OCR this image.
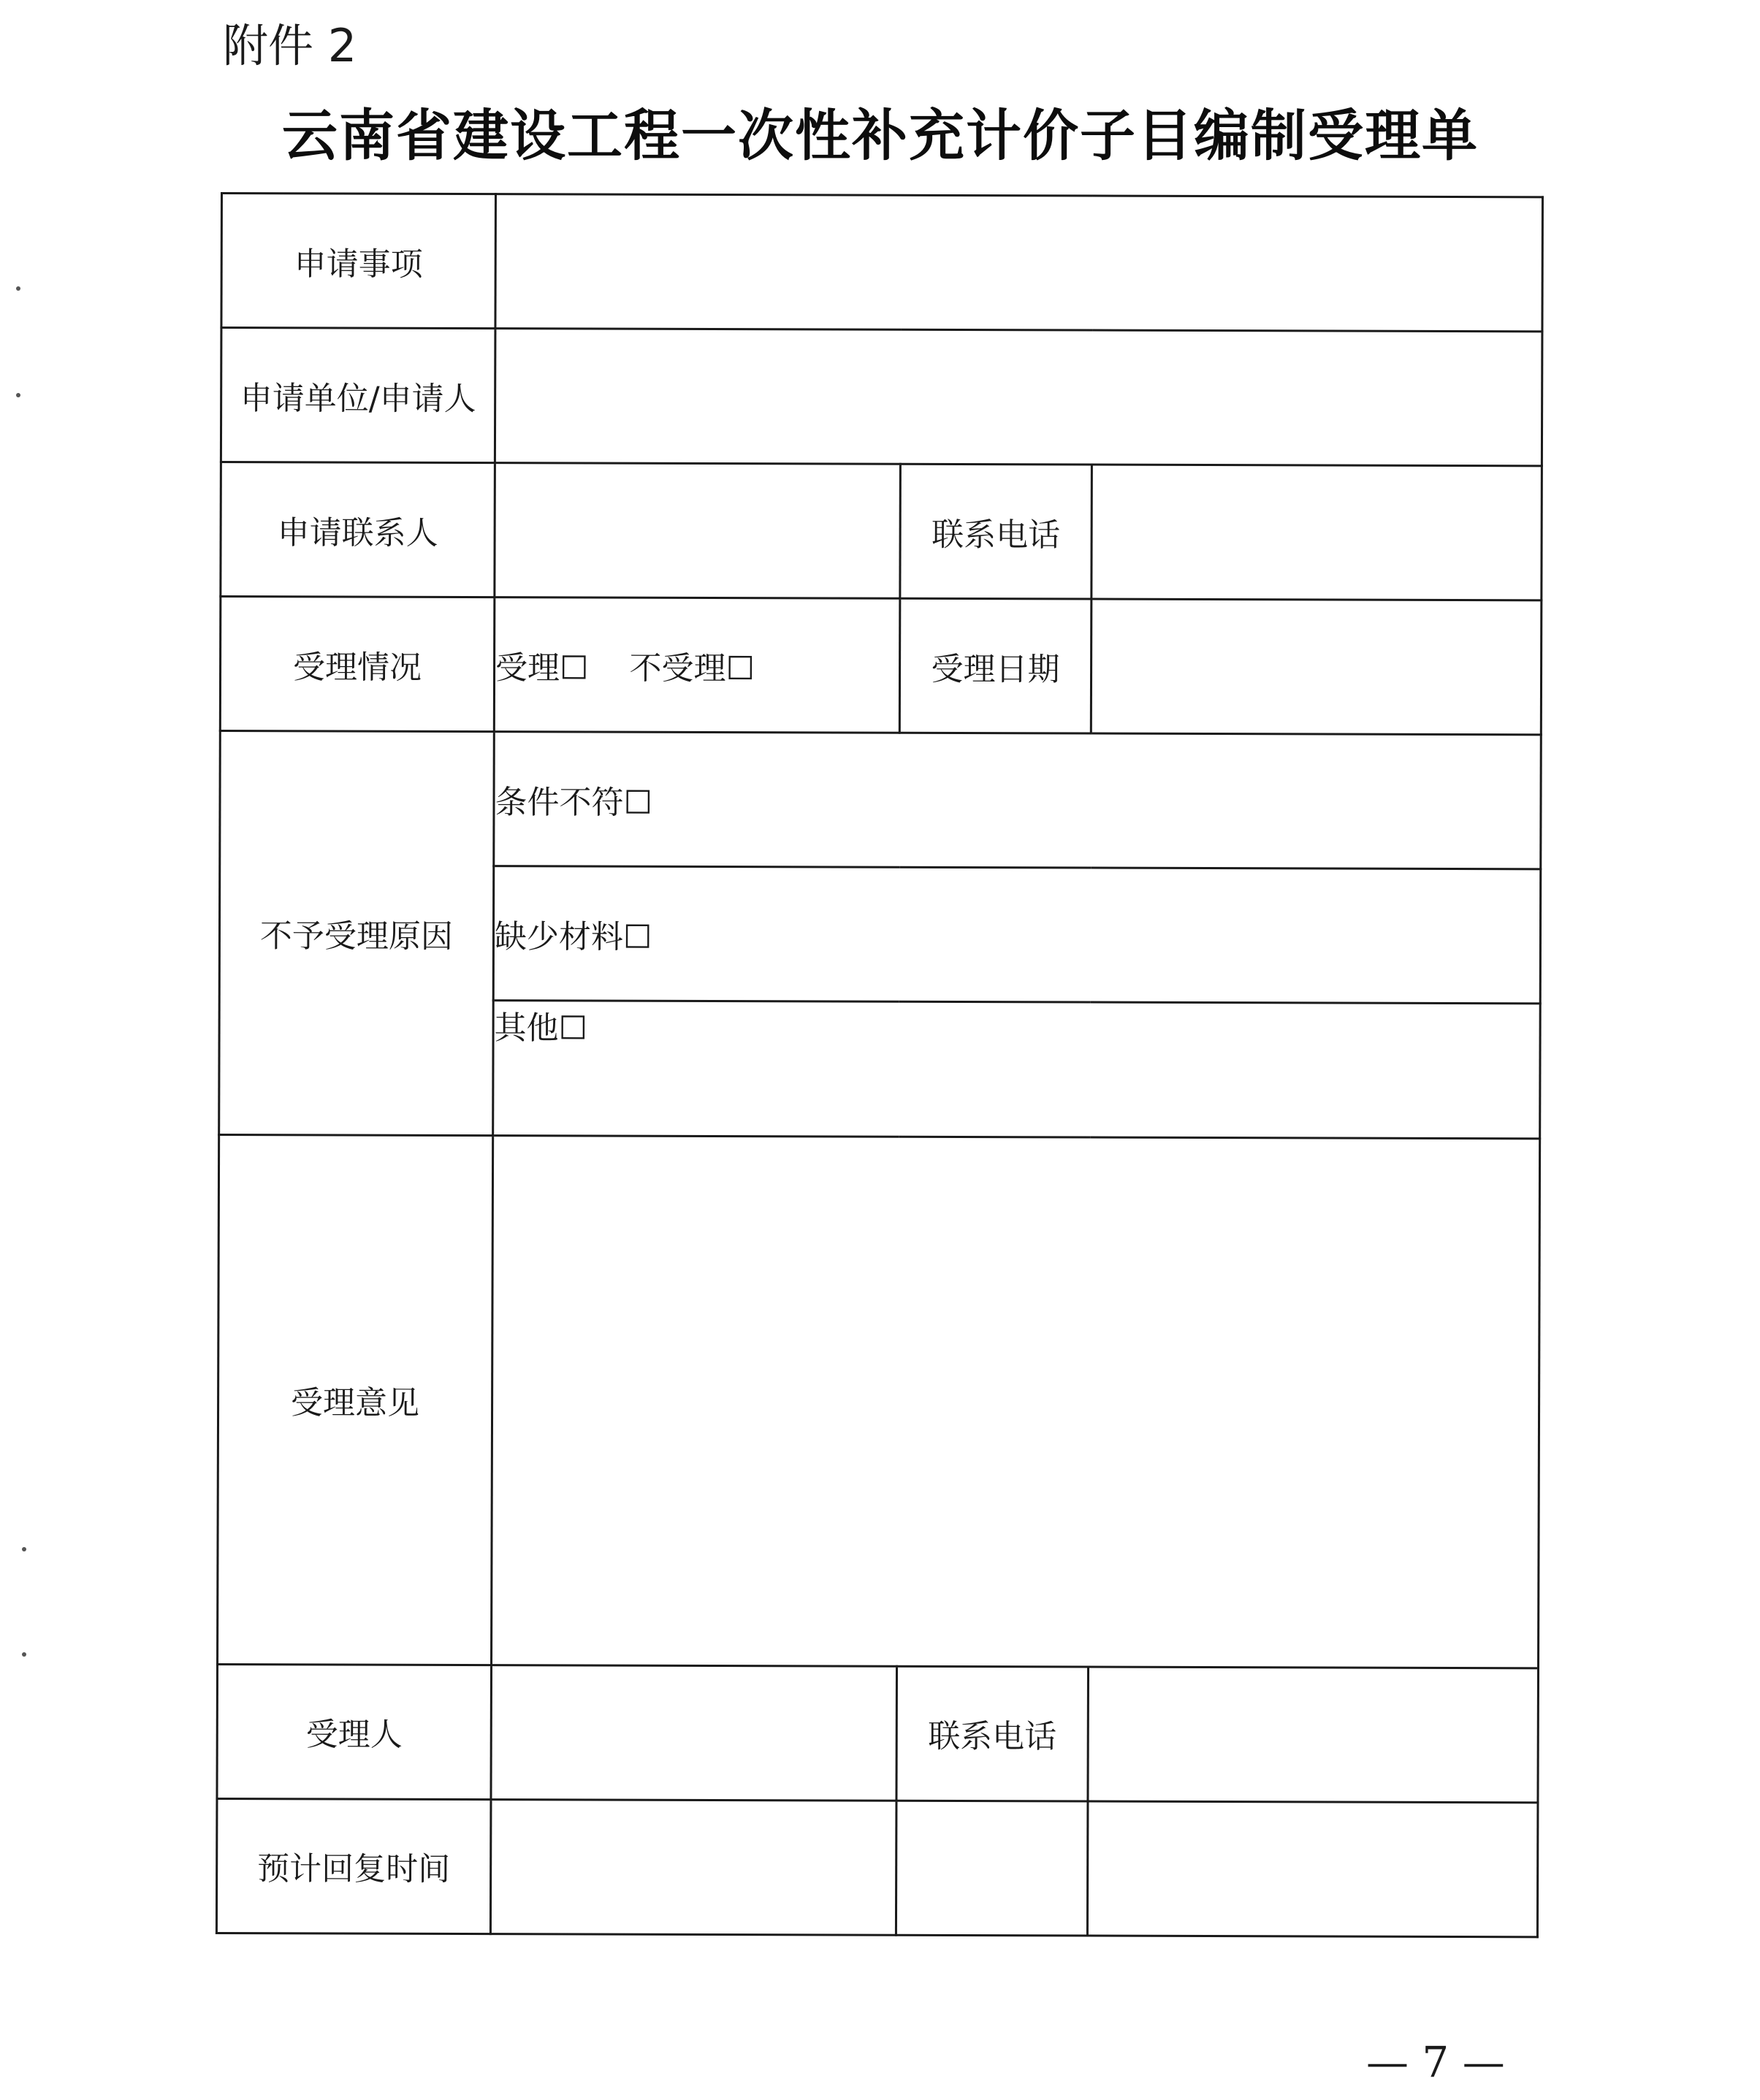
附件 2
云南省建设工程一次性补充计价子目编制受理单
申请事项			
申请单位/申请人			
申请联系人		联系电话	
受理情况	受理☐ 不受理☐	受理日期	
不予受理原因	条件不符☐		
	缺少材料☐		
	其他☐		
受理意见			
受理人		联系电话	
预计回复时间			
— 7 —
